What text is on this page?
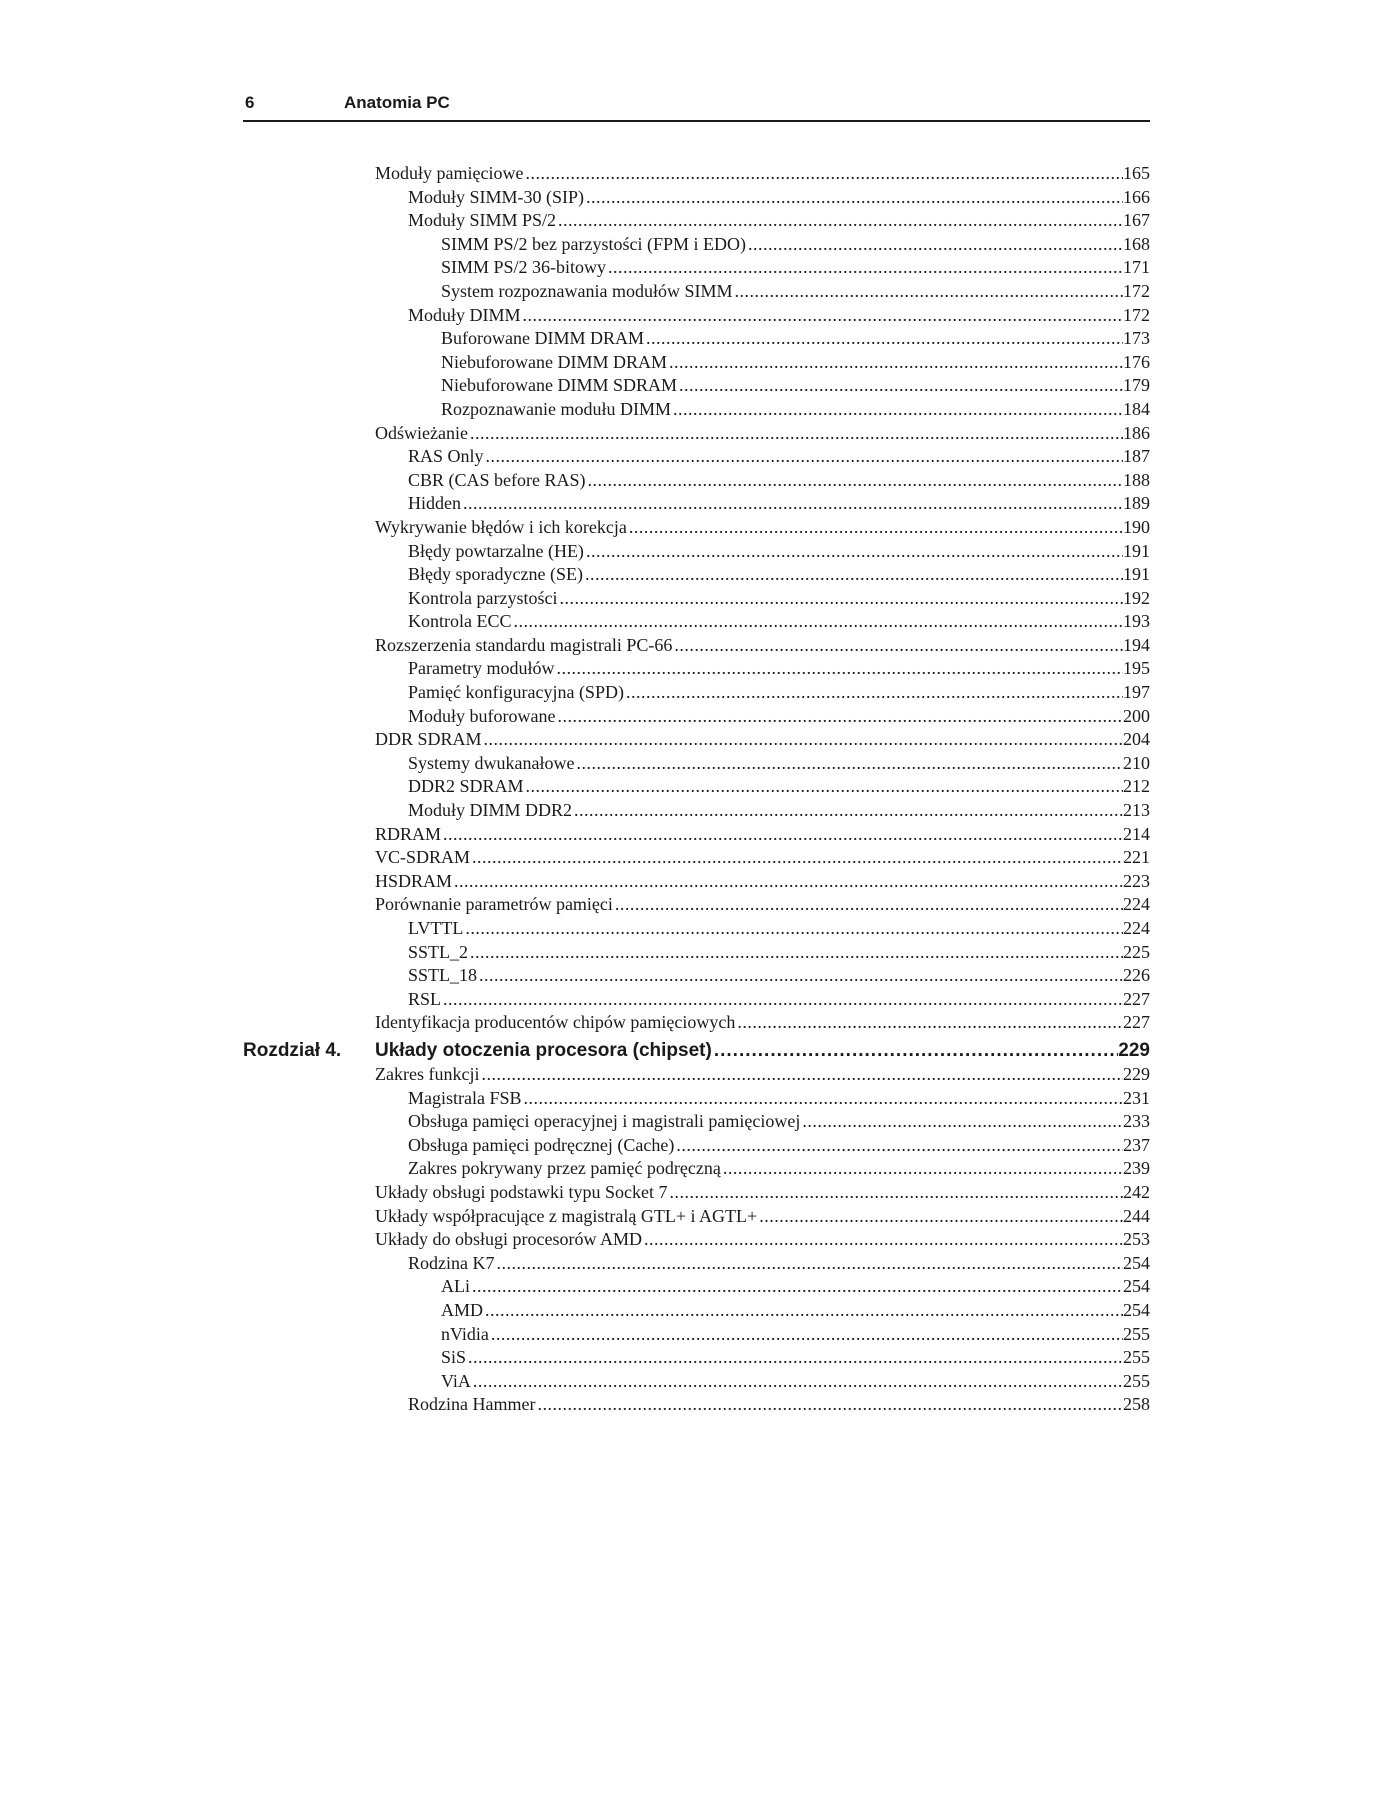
6	Anatomia PC
Moduły pamięciowe .....	165
Moduły SIMM-30 (SIP) .....	166
Moduły SIMM PS/2 .....	167
SIMM PS/2 bez parzystości (FPM i EDO) .....	168
SIMM PS/2 36-bitowy .....	171
System rozpoznawania modułów SIMM .....	172
Moduły DIMM .....	172
Buforowane DIMM DRAM .....	173
Niebuforowane DIMM DRAM .....	176
Niebuforowane DIMM SDRAM .....	179
Rozpoznawanie modułu DIMM .....	184
Odświeżanie .....	186
RAS Only .....	187
CBR (CAS before RAS) .....	188
Hidden .....	189
Wykrywanie błędów i ich korekcja .....	190
Błędy powtarzalne (HE) .....	191
Błędy sporadyczne (SE) .....	191
Kontrola parzystości .....	192
Kontrola ECC .....	193
Rozszerzenia standardu magistrali PC-66 .....	194
Parametry modułów .....	195
Pamięć konfiguracyjna (SPD) .....	197
Moduły buforowane .....	200
DDR SDRAM .....	204
Systemy dwukanałowe .....	210
DDR2 SDRAM .....	212
Moduły DIMM DDR2 .....	213
RDRAM .....	214
VC-SDRAM .....	221
HSDRAM .....	223
Porównanie parametrów pamięci .....	224
LVTTL .....	224
SSTL_2 .....	225
SSTL_18 .....	226
RSL .....	227
Identyfikacja producentów chipów pamięciowych .....	227
Rozdział 4.	Układy otoczenia procesora (chipset) .....	229
Zakres funkcji .....	229
Magistrala FSB .....	231
Obsługa pamięci operacyjnej i magistrali pamięciowej .....	233
Obsługa pamięci podręcznej (Cache) .....	237
Zakres pokrywany przez pamięć podręczną .....	239
Układy obsługi podstawki typu Socket 7 .....	242
Układy współpracujące z magistralą GTL+ i AGTL+ .....	244
Układy do obsługi procesorów AMD .....	253
Rodzina K7 .....	254
ALi .....	254
AMD .....	254
nVidia .....	255
SiS .....	255
ViA .....	255
Rodzina Hammer .....	258
